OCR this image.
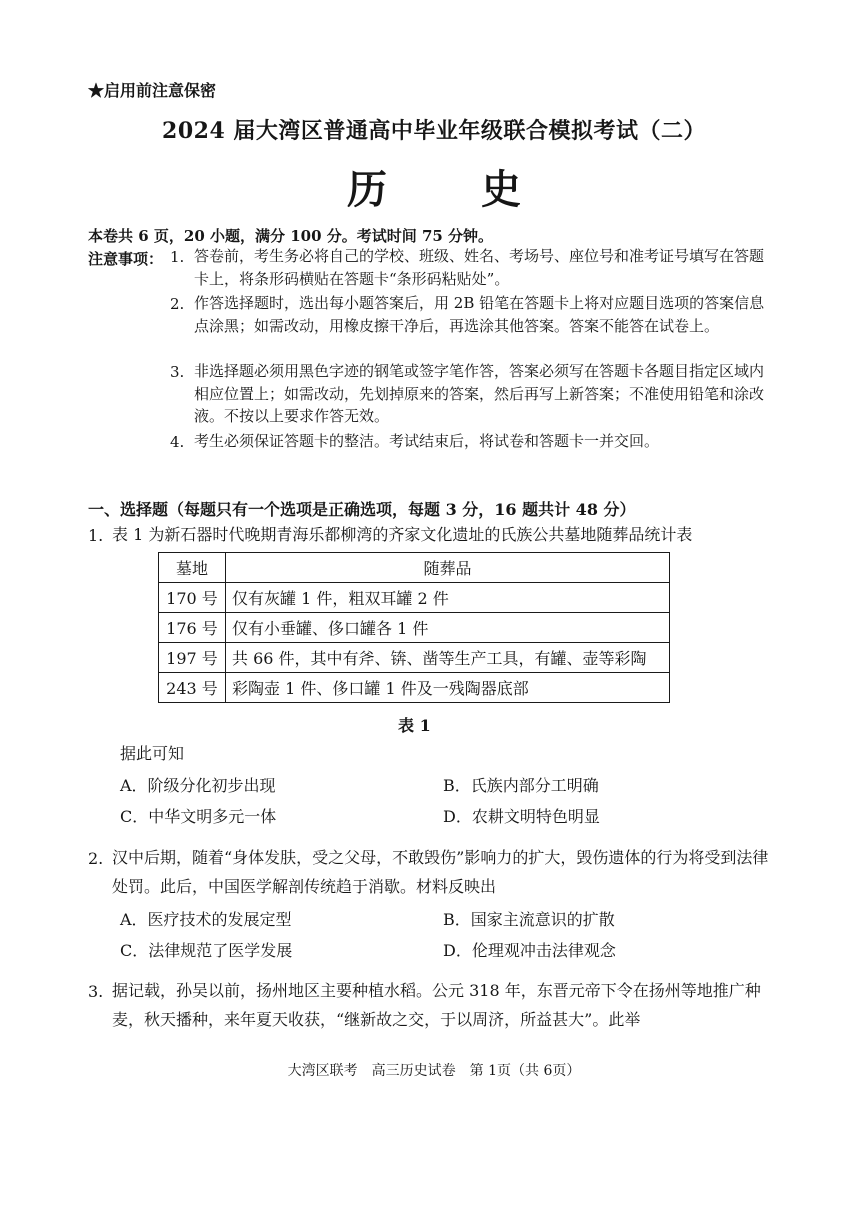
★启用前注意保密
2024 届大湾区普通高中毕业年级联合模拟考试（二）
历 史
本卷共 6 页，20 小题，满分 100 分。考试时间 75 分钟。
注意事项： 1. 答卷前，考生务必将自己的学校、班级、姓名、考场号、座位号和准考证号填写在答题卡上，将条形码横贴在答题卡“条形码粘贴处”。
2. 作答选择题时，选出每小题答案后，用 2B 铅笔在答题卡上将对应题目选项的答案信息点涂黑；如需改动，用橡皮擦干净后，再选涂其他答案。答案不能答在试卷上。
3. 非选择题必须用黑色字迹的钢笔或签字笔作答，答案必须写在答题卡各题目指定区域内相应位置上；如需改动，先划掉原来的答案，然后再写上新答案；不准使用铅笔和涂改液。不按以上要求作答无效。
4. 考生必须保证答题卡的整洁。考试结束后，将试卷和答题卡一并交回。
一、选择题（每题只有一个选项是正确选项，每题 3 分，16 题共计 48 分）
1. 表 1 为新石器时代晚期青海乐都柳湾的齐家文化遗址的氏族公共墓地随葬品统计表
墓地	随葬品
170 号	仅有灰罐 1 件，粗双耳罐 2 件
176 号	仅有小垂罐、侈口罐各 1 件
197 号	共 66 件，其中有斧、锛、凿等生产工具，有罐、壶等彩陶
243 号	彩陶壶 1 件、侈口罐 1 件及一残陶器底部
表 1
据此可知
A．阶级分化初步出现	B．氏族内部分工明确
C．中华文明多元一体	D．农耕文明特色明显
2. 汉中后期，随着“身体发肤，受之父母，不敢毁伤”影响力的扩大，毁伤遗体的行为将受到法律处罚。此后，中国医学解剖传统趋于消歇。材料反映出
A．医疗技术的发展定型	B．国家主流意识的扩散
C．法律规范了医学发展	D．伦理观冲击法律观念
3. 据记载，孙吴以前，扬州地区主要种植水稻。公元 318 年，东晋元帝下令在扬州等地推广种麦，秋天播种，来年夏天收获，“继新故之交，于以周济，所益甚大”。此举
大湾区联考　高三历史试卷　第 1页（共 6页）
